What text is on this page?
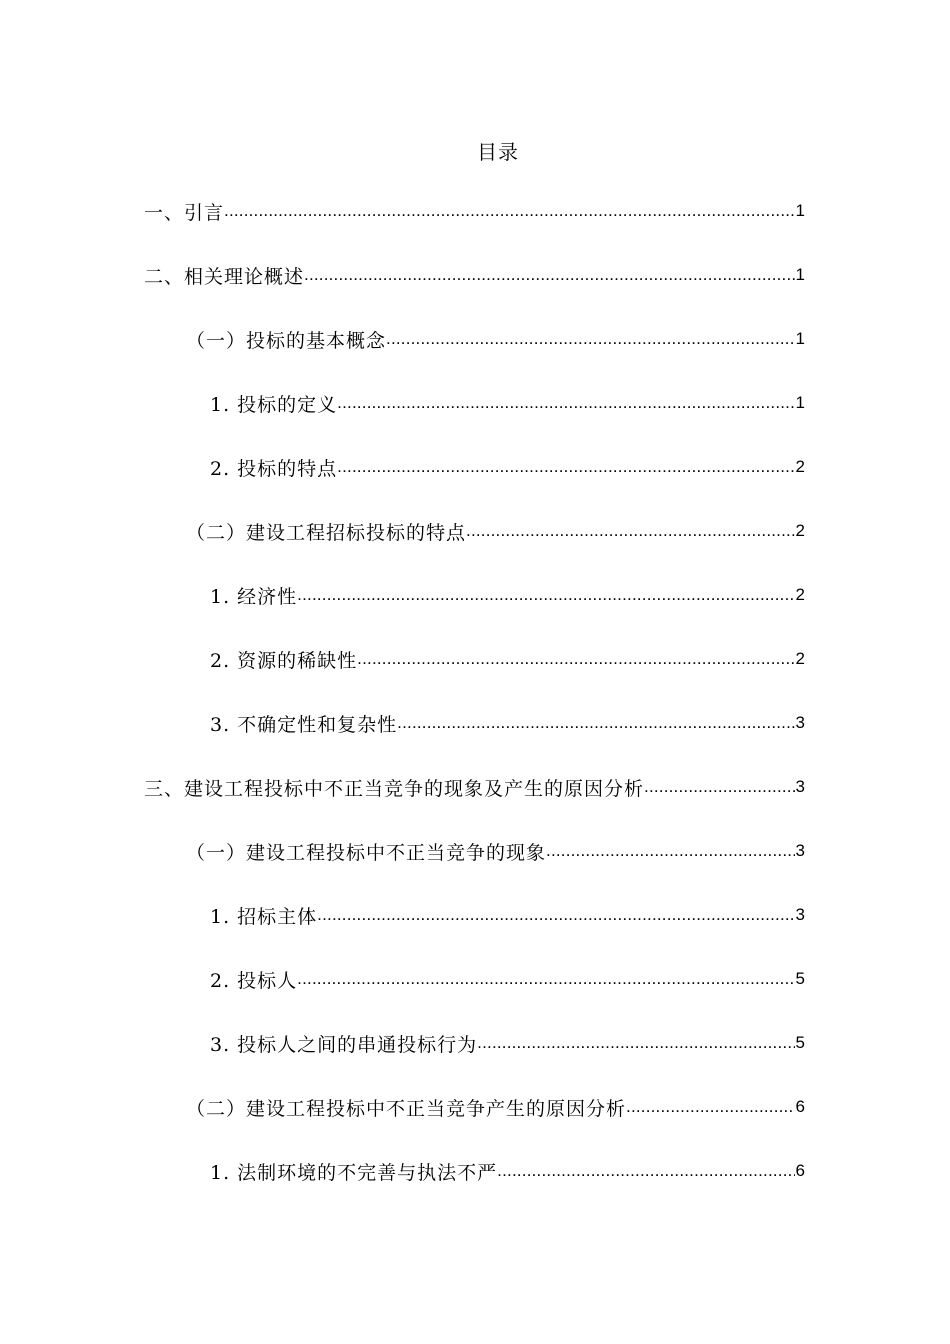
目录
一、引言 .....	1
二、相关理论概述 .....	1
（一）投标的基本概念 .....	1
1. 投标的定义 .....	1
2. 投标的特点 .....	2
（二）建设工程招标投标的特点 .....	2
1. 经济性 .....	2
2. 资源的稀缺性 .....	2
3. 不确定性和复杂性 .....	3
三、建设工程投标中不正当竞争的现象及产生的原因分析 .....	3
（一）建设工程投标中不正当竞争的现象 .....	3
1. 招标主体 .....	3
2. 投标人 .....	5
3. 投标人之间的串通投标行为 .....	5
（二）建设工程投标中不正当竞争产生的原因分析 .....	6
1. 法制环境的不完善与执法不严 .....	6
